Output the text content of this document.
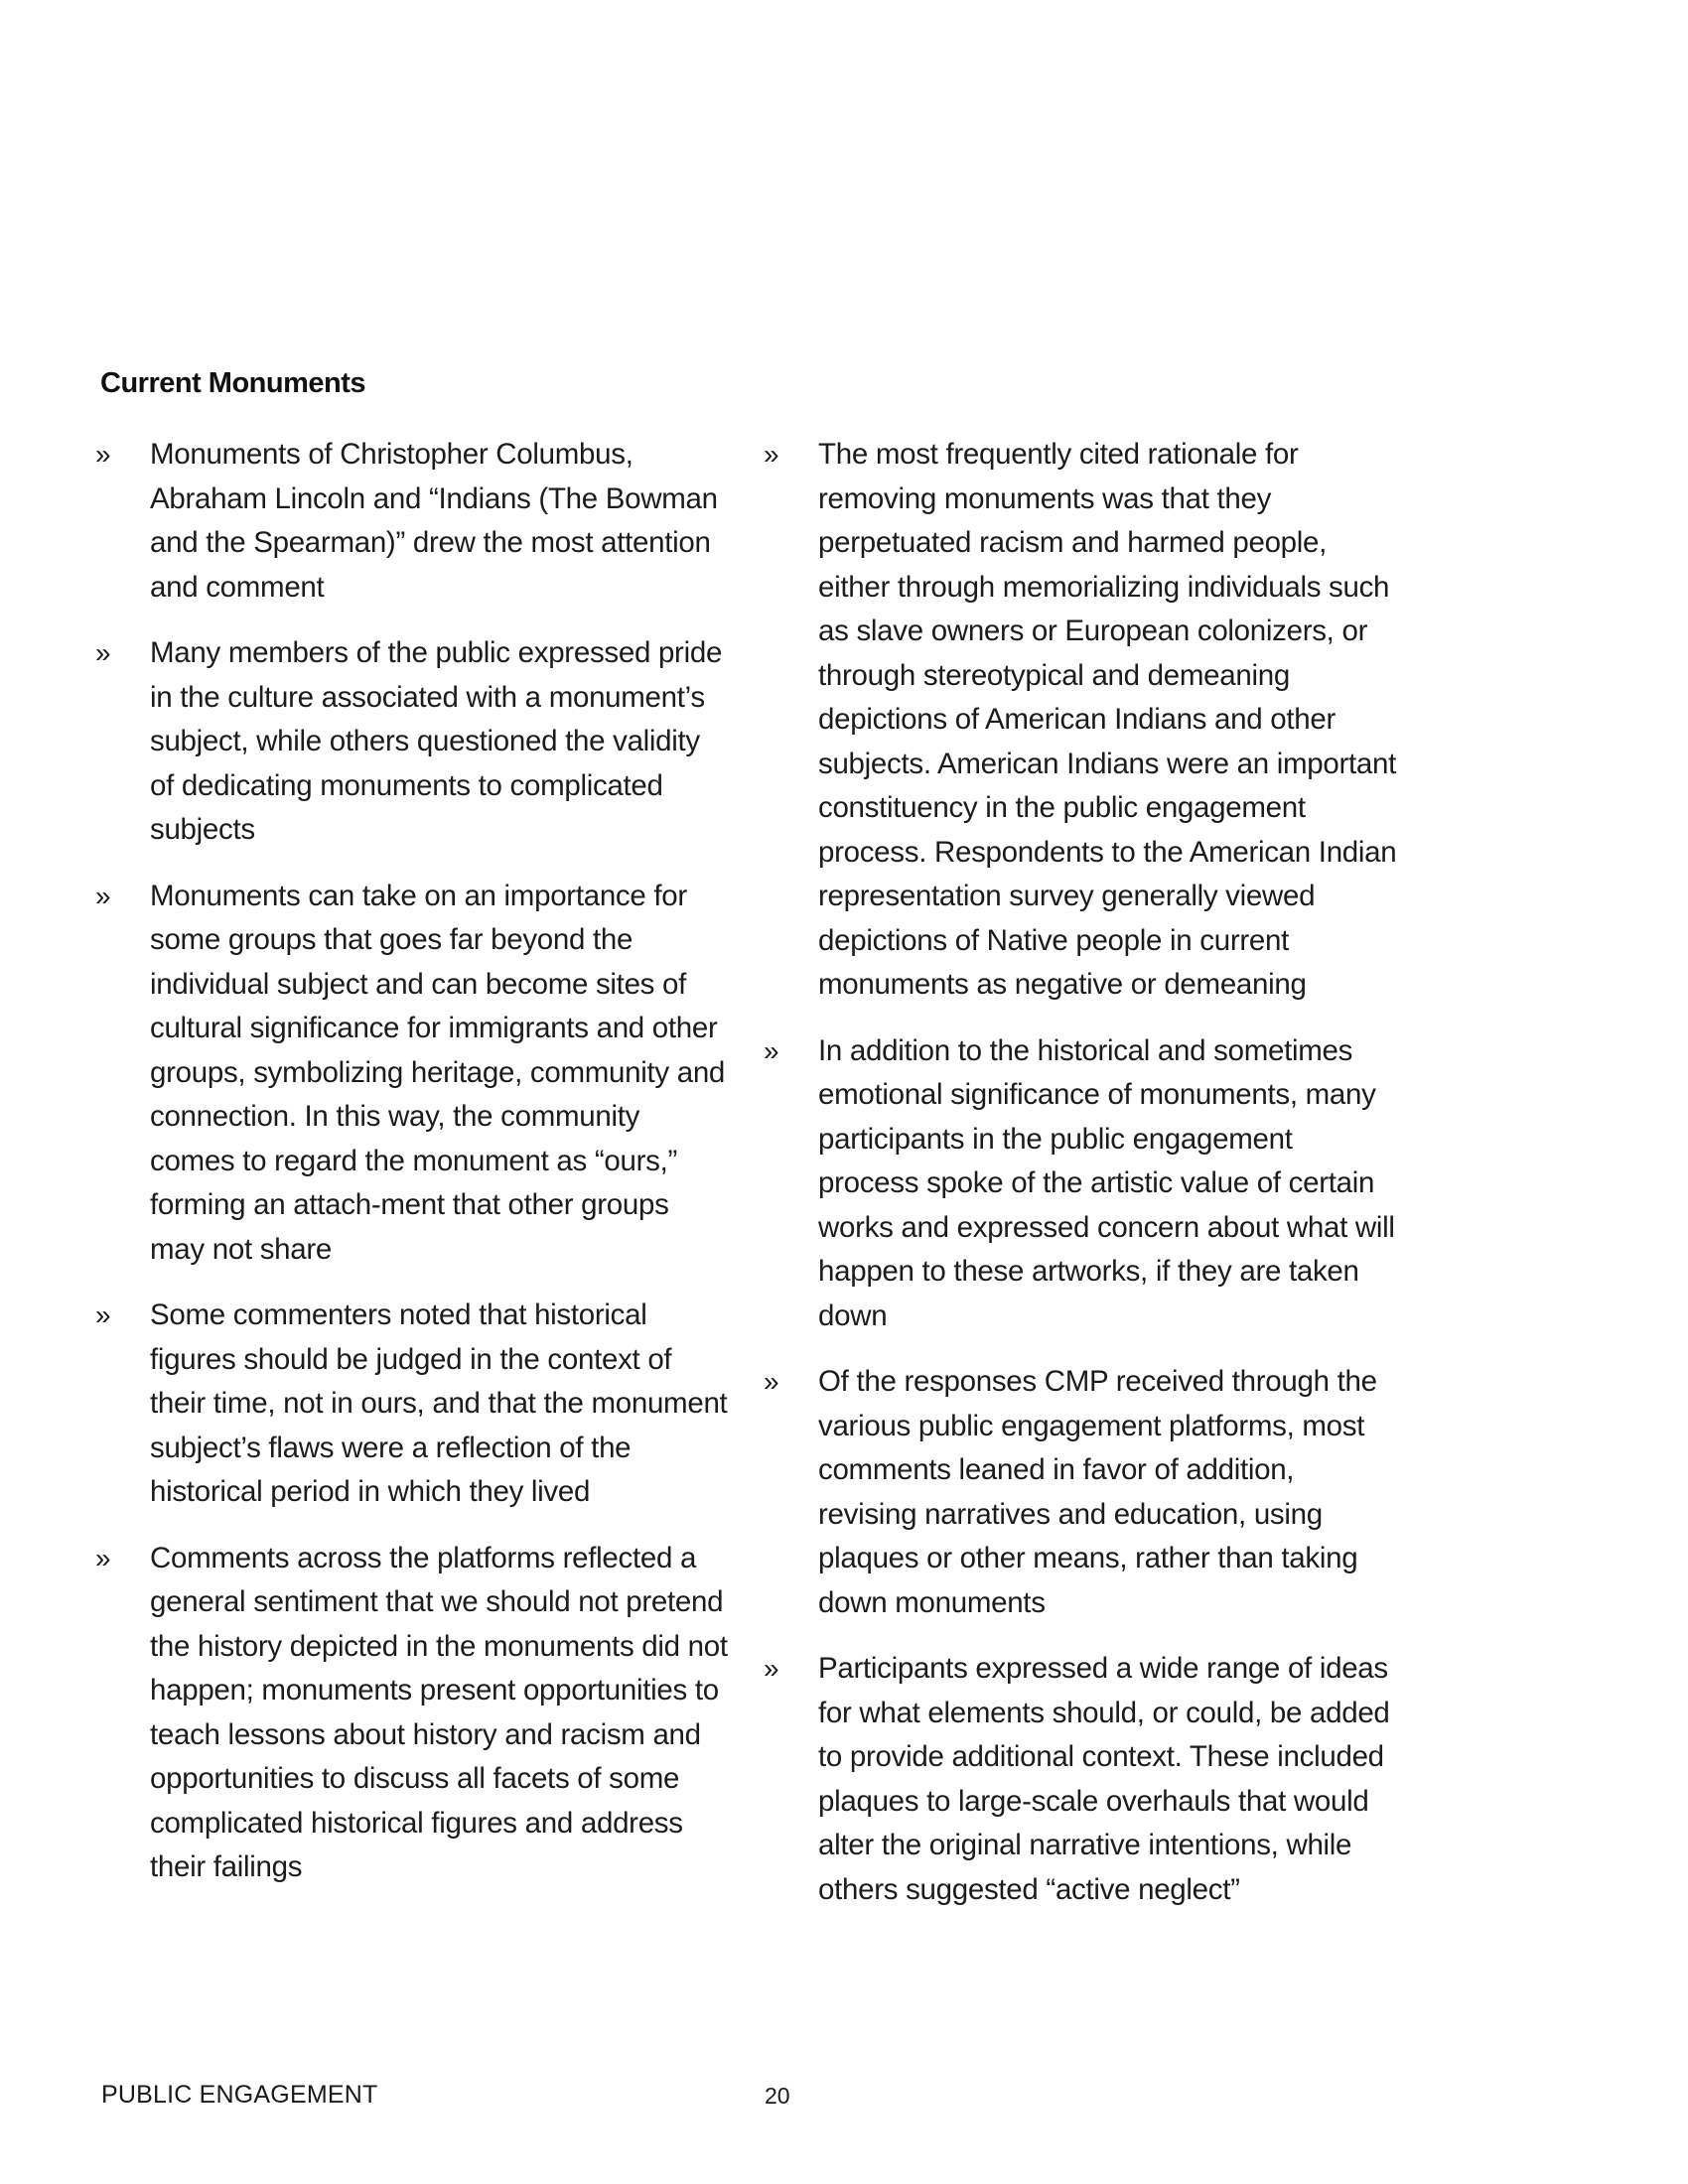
Current Monuments
»	Monuments of Christopher Columbus, Abraham Lincoln and “Indians (The Bowman and the Spearman)” drew the most attention and comment
»	Many members of the public expressed pride in the culture associated with a monument’s subject, while others questioned the validity of dedicating monuments to complicated subjects
»	Monuments can take on an importance for some groups that goes far beyond the individual subject and can become sites of cultural significance for immigrants and other groups, symbolizing heritage, community and connection. In this way, the community comes to regard the monument as “ours,” forming an attach-ment that other groups may not share
»	Some commenters noted that historical figures should be judged in the context of their time, not in ours, and that the monument subject’s flaws were a reflection of the historical period in which they lived
»	Comments across the platforms reflected a general sentiment that we should not pretend the history depicted in the monuments did not happen; monuments present opportunities to teach lessons about history and racism and opportunities to discuss all facets of some complicated historical figures and address their failings
»	The most frequently cited rationale for removing monuments was that they perpetuated racism and harmed people, either through memorializing individuals such as slave owners or European colonizers, or through stereotypical and demeaning depictions of American Indians and other subjects. American Indians were an important constituency in the public engagement process. Respondents to the American Indian representation survey generally viewed depictions of Native people in current monuments as negative or demeaning
»	In addition to the historical and sometimes emotional significance of monuments, many participants in the public engagement process spoke of the artistic value of certain works and expressed concern about what will happen to these artworks, if they are taken down
»	Of the responses CMP received through the various public engagement platforms, most comments leaned in favor of addition, revising narratives and education, using plaques or other means, rather than taking down monuments
»	Participants expressed a wide range of ideas for what elements should, or could, be added to provide additional context. These included plaques to large-scale overhauls that would alter the original narrative intentions, while others suggested “active neglect”
PUBLIC ENGAGEMENT	20
